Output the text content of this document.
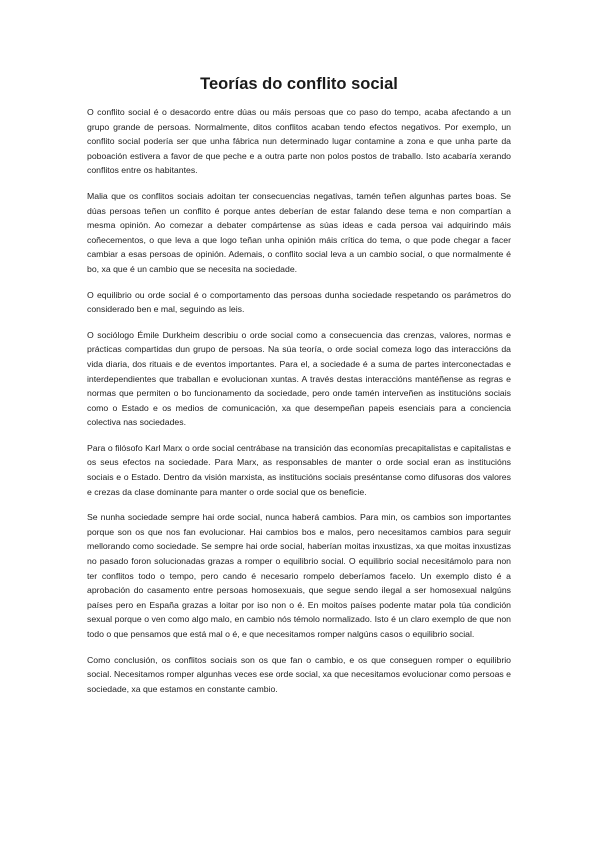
Teorías do conflito social

O conflito social é o desacordo entre dúas ou máis persoas que co paso do tempo, acaba afectando a un grupo grande de persoas. Normalmente, ditos conflitos acaban tendo efectos negativos. Por exemplo, un conflito social podería ser que unha fábrica nun determinado lugar contamine a zona e que unha parte da poboación estivera a favor de que peche e a outra parte non polos postos de traballo. Isto acabaría xerando conflitos entre os habitantes.

Malia que os conflitos sociais adoitan ter consecuencias negativas, tamén teñen algunhas partes boas. Se dúas persoas teñen un conflito é porque antes deberían de estar falando dese tema e non compartían a mesma opinión. Ao comezar a debater compártense as súas ideas e cada persoa vai adquirindo máis coñecementos, o que leva a que logo teñan unha opinión máis crítica do tema, o que pode chegar a facer cambiar a esas persoas de opinión. Ademais, o conflito social leva a un cambio social, o que normalmente é bo, xa que é un cambio que se necesita na sociedade.

O equilibrio ou orde social é o comportamento das persoas dunha sociedade respetando os parámetros do considerado ben e mal, seguindo as leis.

O sociólogo Émile Durkheim describiu o orde social como a consecuencia das crenzas, valores, normas e prácticas compartidas dun grupo de persoas. Na súa teoría, o orde social comeza logo das interaccións da vida diaria, dos rituais e de eventos importantes. Para el, a sociedade é a suma de partes interconectadas e interdependientes que traballan e evolucionan xuntas. A través destas interaccións mantéñense as regras e normas que permiten o bo funcionamento da sociedade, pero onde tamén interveñen as institucións sociais como o Estado e os medios de comunicación, xa que desempeñan papeis esenciais para a conciencia colectiva nas sociedades.

Para o filósofo Karl Marx o orde social centrábase na transición das economías precapitalistas e capitalistas e os seus efectos na sociedade. Para Marx, as responsables de manter o orde social eran as institucións sociais e o Estado. Dentro da visión marxista, as institucións sociais preséntanse como difusoras dos valores e crezas da clase dominante para manter o orde social que os beneficie.

Se nunha sociedade sempre hai orde social, nunca haberá cambios. Para min, os cambios son importantes porque son os que nos fan evolucionar. Hai cambios bos e malos, pero necesitamos cambios para seguir mellorando como sociedade. Se sempre hai orde social, haberían moitas inxustizas, xa que moitas inxustizas no pasado foron solucionadas grazas a romper o equilibrio social. O equilibrio social necesitámolo para non ter conflitos todo o tempo, pero cando é necesario rompelo deberíamos facelo. Un exemplo disto é a aprobación do casamento entre persoas homosexuais, que segue sendo ilegal a ser homosexual nalgúns países pero en España grazas a loitar por iso non o é. En moitos países podente matar pola túa condición sexual porque o ven como algo malo, en cambio nós témolo normalizado. Isto é un claro exemplo de que non todo o que pensamos que está mal o é, e que necesitamos romper nalgúns casos o equilibrio social.

Como conclusión, os conflitos sociais son os que fan o cambio, e os que conseguen romper o equilibrio social. Necesitamos romper algunhas veces ese orde social, xa que necesitamos evolucionar como persoas e sociedade, xa que estamos en constante cambio.
